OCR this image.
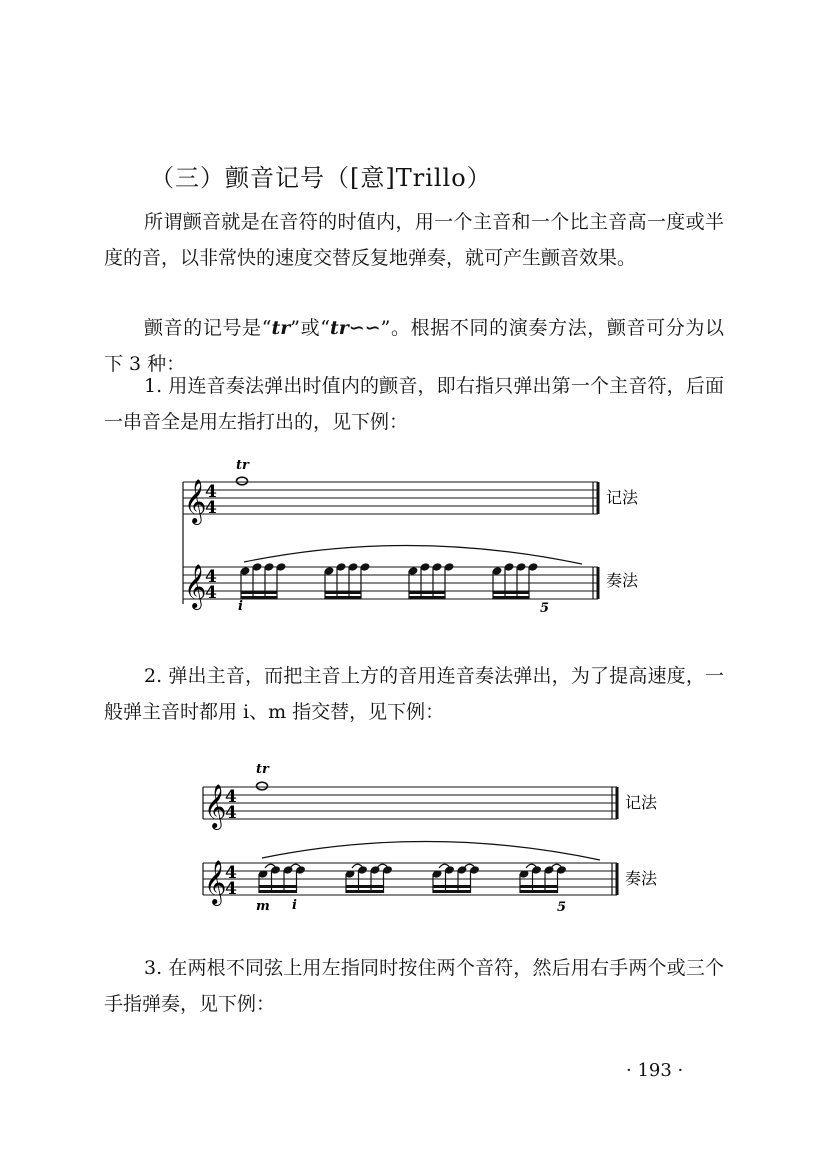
（三）颤音记号（[意]Trillo）
所谓颤音就是在音符的时值内，用一个主音和一个比主音高一度或半度的音，以非常快的速度交替反复地弹奏，就可产生颤音效果。
颤音的记号是“tr”或“tr∽∽”。根据不同的演奏方法，颤音可分为以下 3 种：
1. 用连音奏法弹出时值内的颤音，即右指只弹出第一个主音符，后面一串音全是用左指打出的，见下例：
2. 弹出主音，而把主音上方的音用连音奏法弹出，为了提高速度，一般弹主音时都用 i、m 指交替，见下例：
3. 在两根不同弦上用左指同时按住两个音符，然后用右手两个或三个手指弹奏，见下例：
· 193 ·
𝄞
4
4
tr
记法
𝄞
4
4
i	5
奏法
𝄞
4
4
tr
记法
𝄞
4
4
m i	5
奏法
